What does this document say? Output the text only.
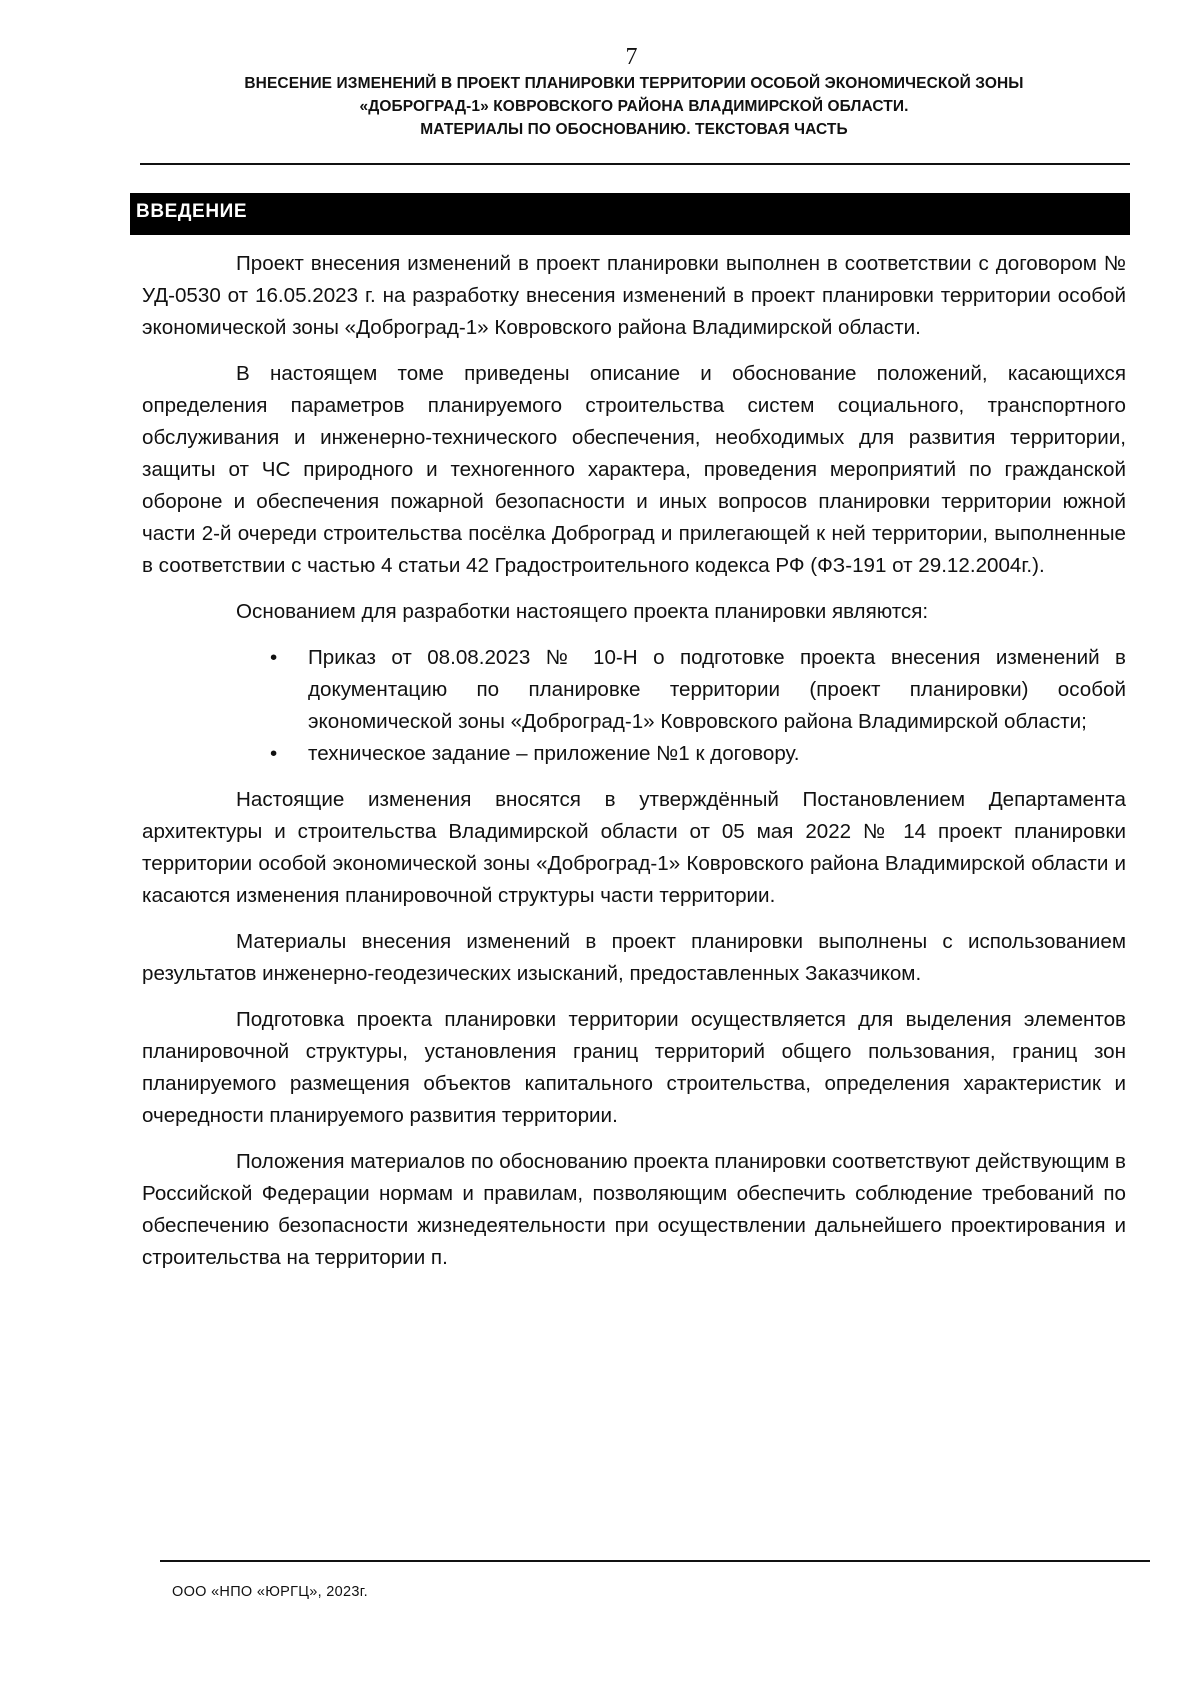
7
ВНЕСЕНИЕ ИЗМЕНЕНИЙ В ПРОЕКТ ПЛАНИРОВКИ ТЕРРИТОРИИ ОСОБОЙ ЭКОНОМИЧЕСКОЙ ЗОНЫ
«ДОБРОГРАД-1» КОВРОВСКОГО РАЙОНА ВЛАДИМИРСКОЙ ОБЛАСТИ.
МАТЕРИАЛЫ ПО ОБОСНОВАНИЮ. ТЕКСТОВАЯ ЧАСТЬ
ВВЕДЕНИЕ

Проект внесения изменений в проект планировки выполнен в соответствии с договором № УД-0530 от 16.05.2023 г. на разработку внесения изменений в проект планировки территории особой экономической зоны «Доброград-1» Ковровского района Владимирской области.

В настоящем томе приведены описание и обоснование положений, касающихся определения параметров планируемого строительства систем социального, транспортного обслуживания и инженерно-технического обеспечения, необходимых для развития территории, защиты от ЧС природного и техногенного характера, проведения мероприятий по гражданской обороне и обеспечения пожарной безопасности и иных вопросов планировки территории южной части 2-й очереди строительства посёлка Доброград и прилегающей к ней территории, выполненные в соответствии с частью 4 статьи 42 Градостроительного кодекса РФ (ФЗ-191 от 29.12.2004г.).

Основанием для разработки настоящего проекта планировки являются:

• Приказ от 08.08.2023 № 10-Н о подготовке проекта внесения изменений в документацию по планировке территории (проект планировки) особой экономической зоны «Доброград-1» Ковровского района Владимирской области;
• техническое задание – приложение №1 к договору.

Настоящие изменения вносятся в утверждённый Постановлением Департамента архитектуры и строительства Владимирской области от 05 мая 2022 № 14 проект планировки территории особой экономической зоны «Доброград-1» Ковровского района Владимирской области и касаются изменения планировочной структуры части территории.

Материалы внесения изменений в проект планировки выполнены с использованием результатов инженерно-геодезических изысканий, предоставленных Заказчиком.

Подготовка проекта планировки территории осуществляется для выделения элементов планировочной структуры, установления границ территорий общего пользования, границ зон планируемого размещения объектов капитального строительства, определения характеристик и очередности планируемого развития территории.

Положения материалов по обоснованию проекта планировки соответствуют действующим в Российской Федерации нормам и правилам, позволяющим обеспечить соблюдение требований по обеспечению безопасности жизнедеятельности при осуществлении дальнейшего проектирования и строительства на территории п.

ООО «НПО «ЮРГЦ», 2023г.
